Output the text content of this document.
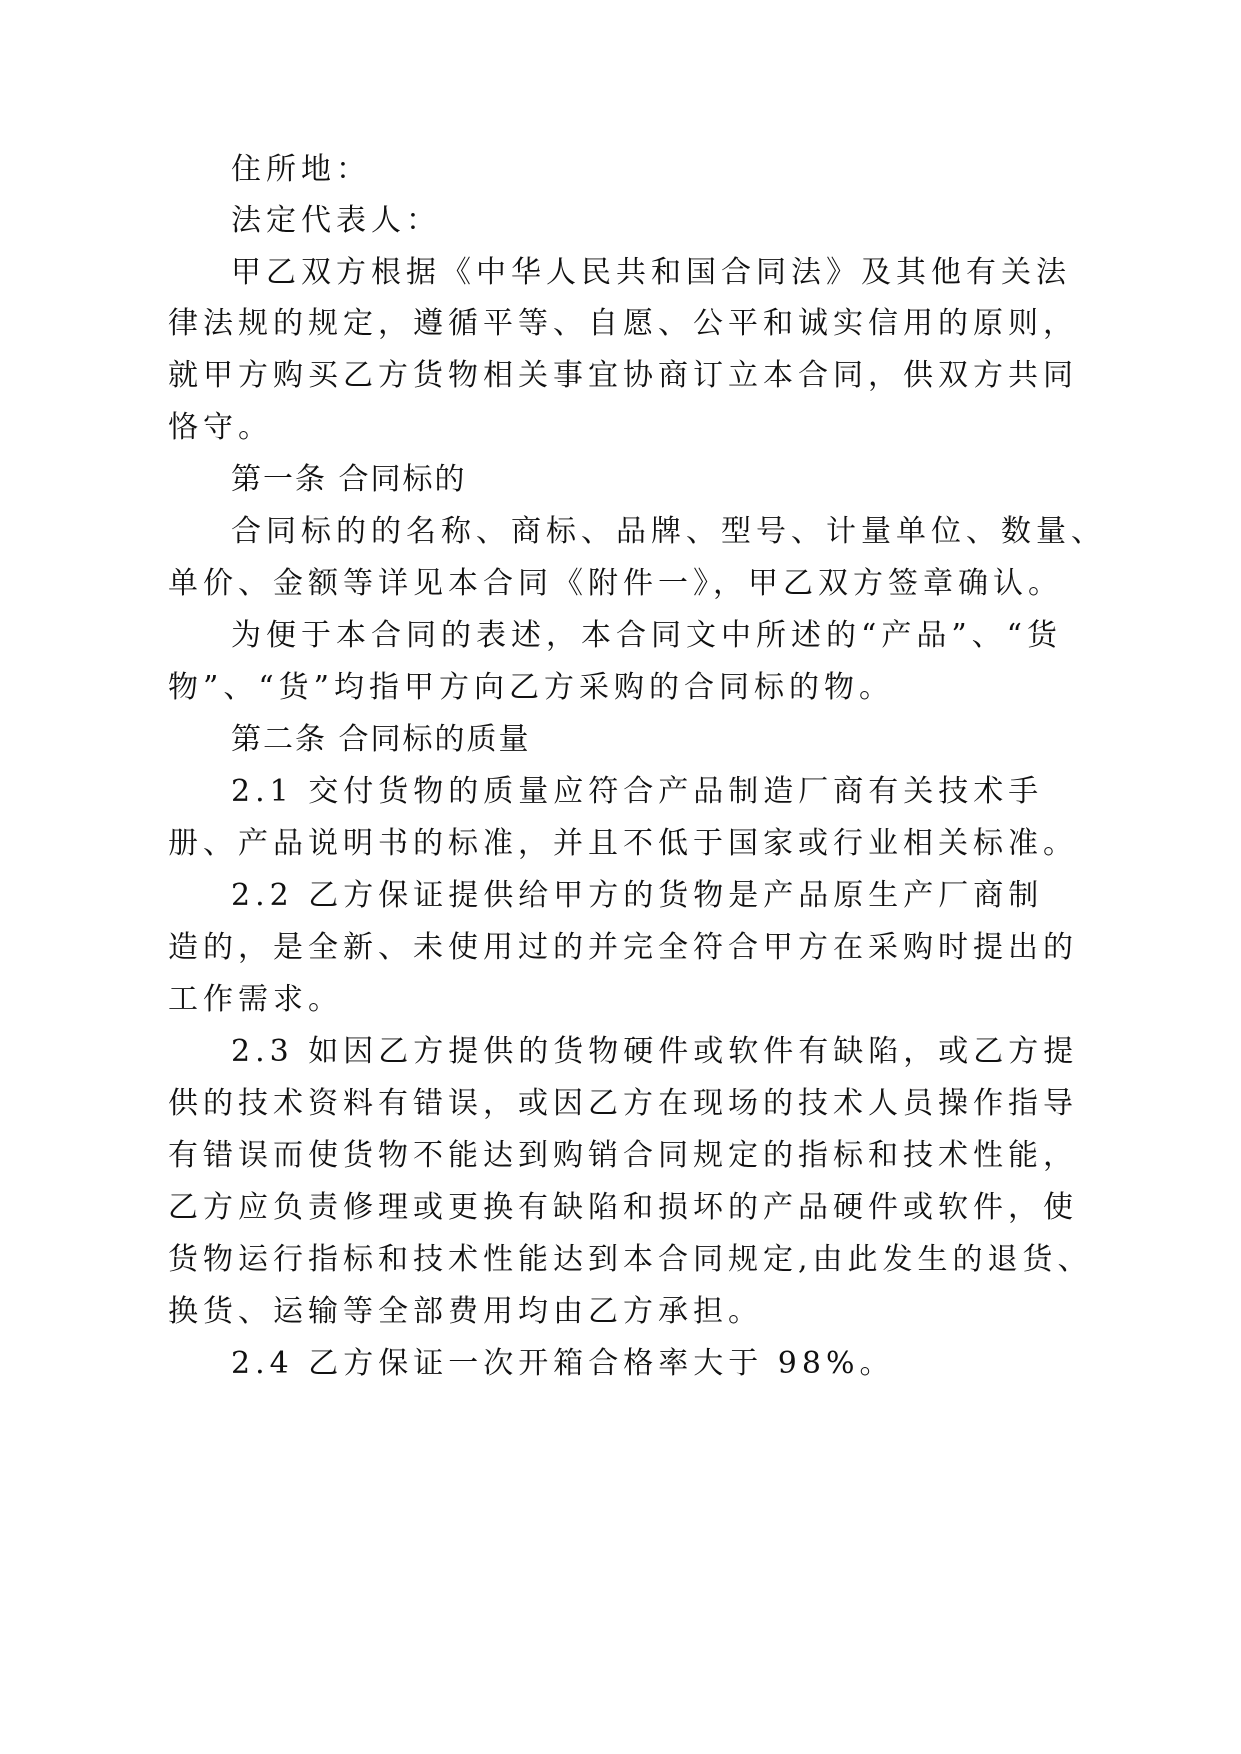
住所地：
法定代表人：
甲乙双方根据《中华人民共和国合同法》及其他有关法
律法规的规定，遵循平等、自愿、公平和诚实信用的原则，
就甲方购买乙方货物相关事宜协商订立本合同，供双方共同
恪守。
第一条 合同标的
合同标的的名称、商标、品牌、型号、计量单位、数量、
单价、金额等详见本合同《附件一》，甲乙双方签章确认。
为便于本合同的表述，本合同文中所述的“产品”、“货
物”、“货”均指甲方向乙方采购的合同标的物。
第二条 合同标的质量
2.1 交付货物的质量应符合产品制造厂商有关技术手
册、产品说明书的标准，并且不低于国家或行业相关标准。
2.2 乙方保证提供给甲方的货物是产品原生产厂商制
造的，是全新、未使用过的并完全符合甲方在采购时提出的
工作需求。
2.3 如因乙方提供的货物硬件或软件有缺陷，或乙方提
供的技术资料有错误，或因乙方在现场的技术人员操作指导
有错误而使货物不能达到购销合同规定的指标和技术性能，
乙方应负责修理或更换有缺陷和损坏的产品硬件或软件，使
货物运行指标和技术性能达到本合同规定,由此发生的退货、
换货、运输等全部费用均由乙方承担。
2.4 乙方保证一次开箱合格率大于 98%。
